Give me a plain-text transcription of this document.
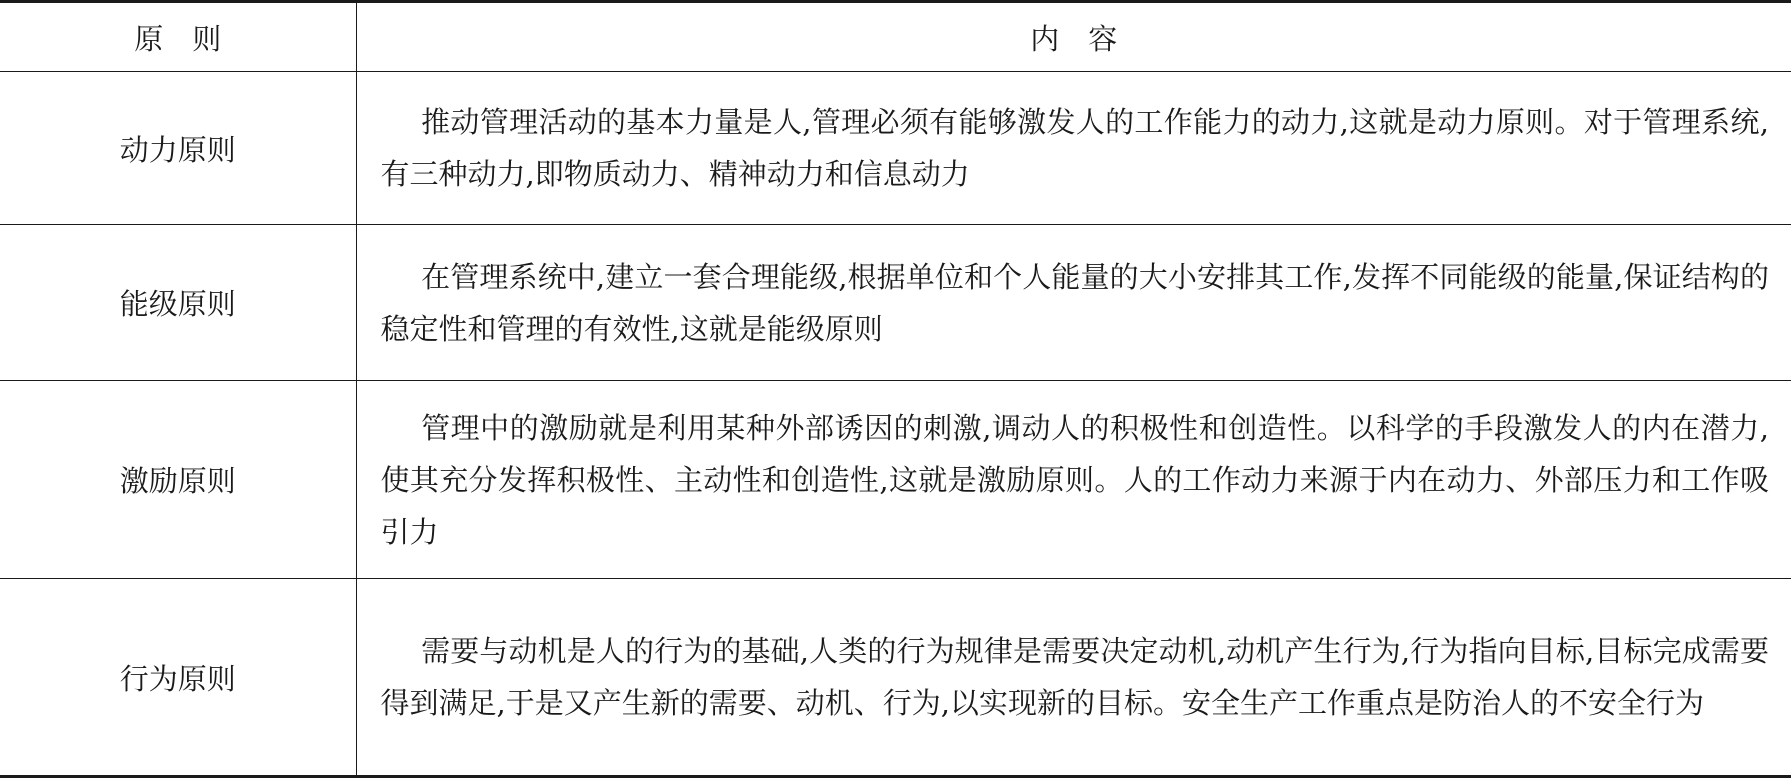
原　则	内　容
动力原则	推动管理活动的基本力量是人,管理必须有能够激发人的工作能力的动力,这就是动力原则。对于管理系统,有三种动力,即物质动力、精神动力和信息动力
能级原则	在管理系统中,建立一套合理能级,根据单位和个人能量的大小安排其工作,发挥不同能级的能量,保证结构的稳定性和管理的有效性,这就是能级原则
激励原则	管理中的激励就是利用某种外部诱因的刺激,调动人的积极性和创造性。以科学的手段激发人的内在潜力,使其充分发挥积极性、主动性和创造性,这就是激励原则。人的工作动力来源于内在动力、外部压力和工作吸引力
行为原则	需要与动机是人的行为的基础,人类的行为规律是需要决定动机,动机产生行为,行为指向目标,目标完成需要得到满足,于是又产生新的需要、动机、行为,以实现新的目标。安全生产工作重点是防治人的不安全行为
